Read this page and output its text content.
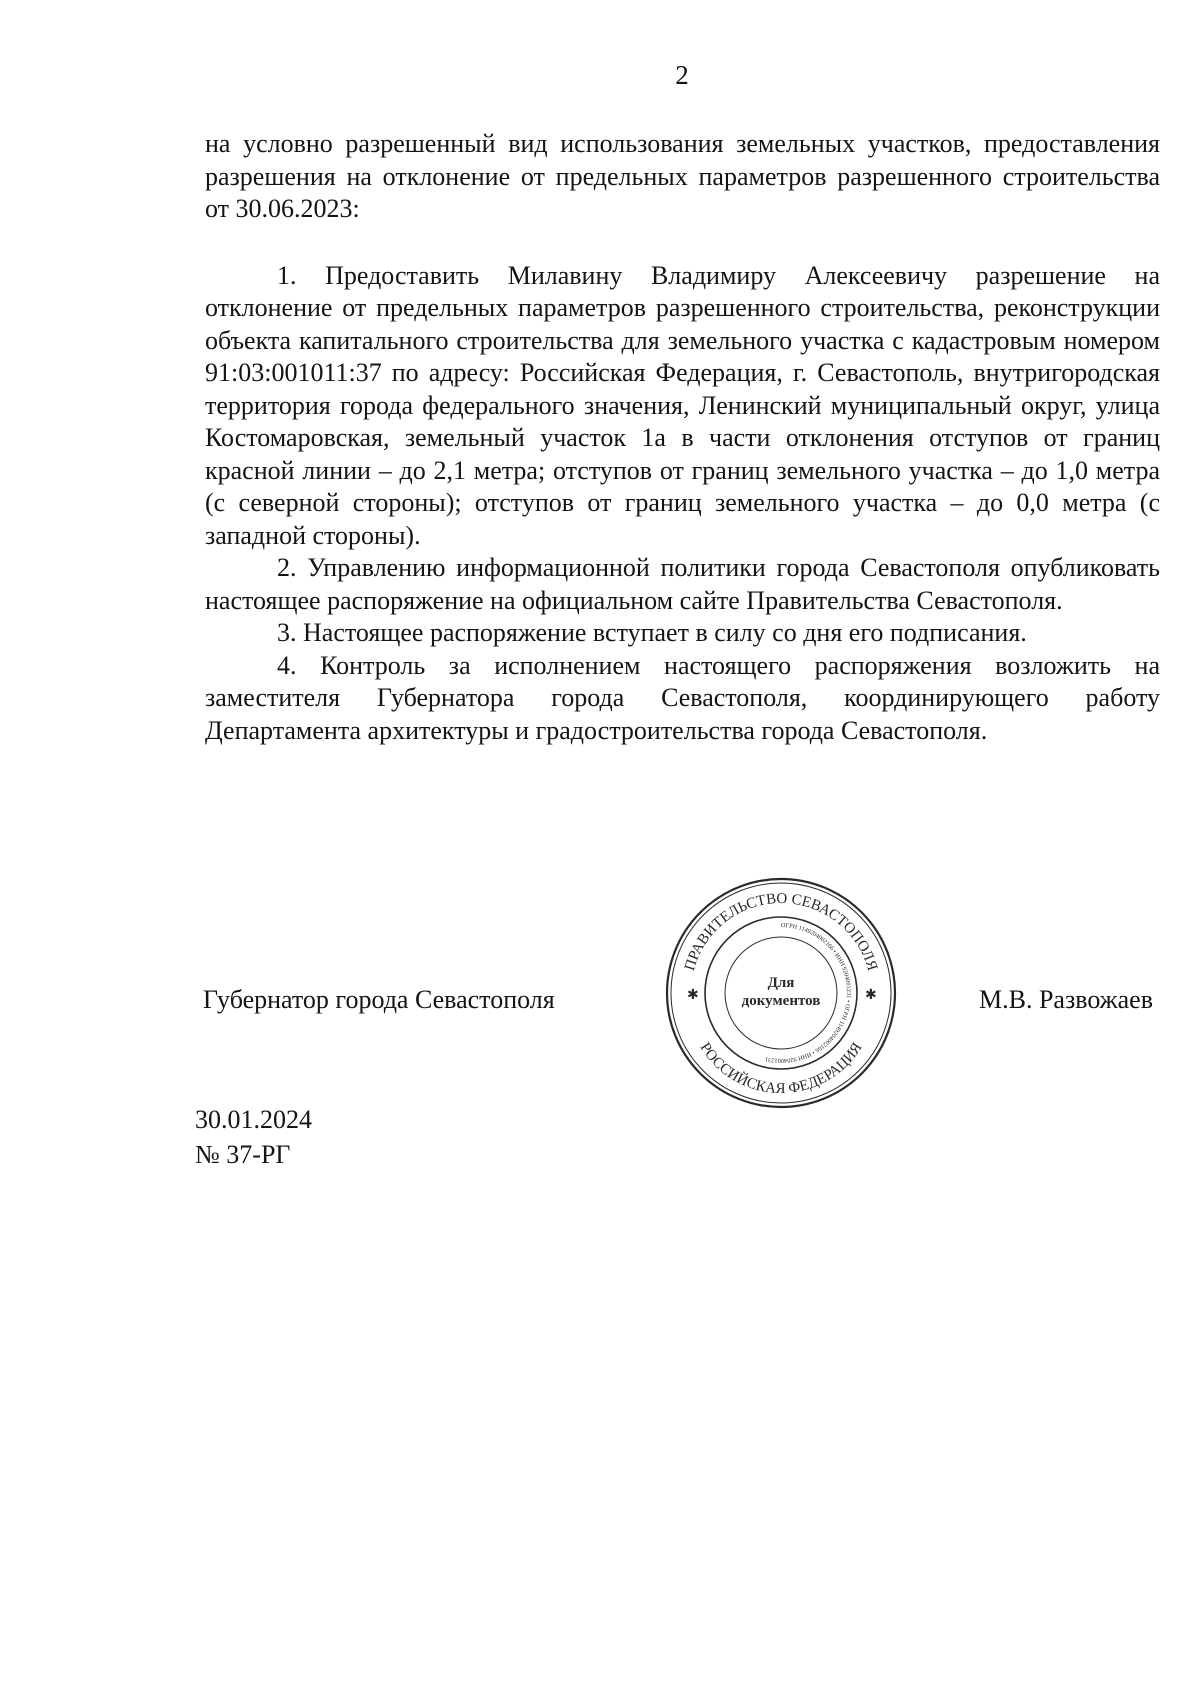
2

на условно разрешенный вид использования земельных участков, предоставления разрешения на отклонение от предельных параметров разрешенного строительства от 30.06.2023:

1. Предоставить Милавину Владимиру Алексеевичу разрешение на отклонение от предельных параметров разрешенного строительства, реконструкции объекта капитального строительства для земельного участка с кадастровым номером 91:03:001011:37 по адресу: Российская Федерация, г. Севастополь, внутригородская территория города федерального значения, Ленинский муниципальный округ, улица Костомаровская, земельный участок 1а в части отклонения отступов от границ красной линии – до 2,1 метра; отступов от границ земельного участка – до 1,0 метра (с северной стороны); отступов от границ земельного участка – до 0,0 метра (с западной стороны).

2. Управлению информационной политики города Севастополя опубликовать настоящее распоряжение на официальном сайте Правительства Севастополя.

3. Настоящее распоряжение вступает в силу со дня его подписания.

4. Контроль за исполнением настоящего распоряжения возложить на заместителя Губернатора города Севастополя, координирующего работу Департамента архитектуры и градостроительства города Севастополя.

Губернатор города Севастополя
ПРАВИТЕЛЬСТВО СЕВАСТОПОЛЯ
РОССИЙСКАЯ ФЕДЕРАЦИЯ
ОГРН 1149204002166 • ИНН 9204001231 • ОГРН 1149204002166 • ИНН 9204001231
✱	✱
Для
документов	М.В. Развожаев
30.01.2024
№ 37-РГ
